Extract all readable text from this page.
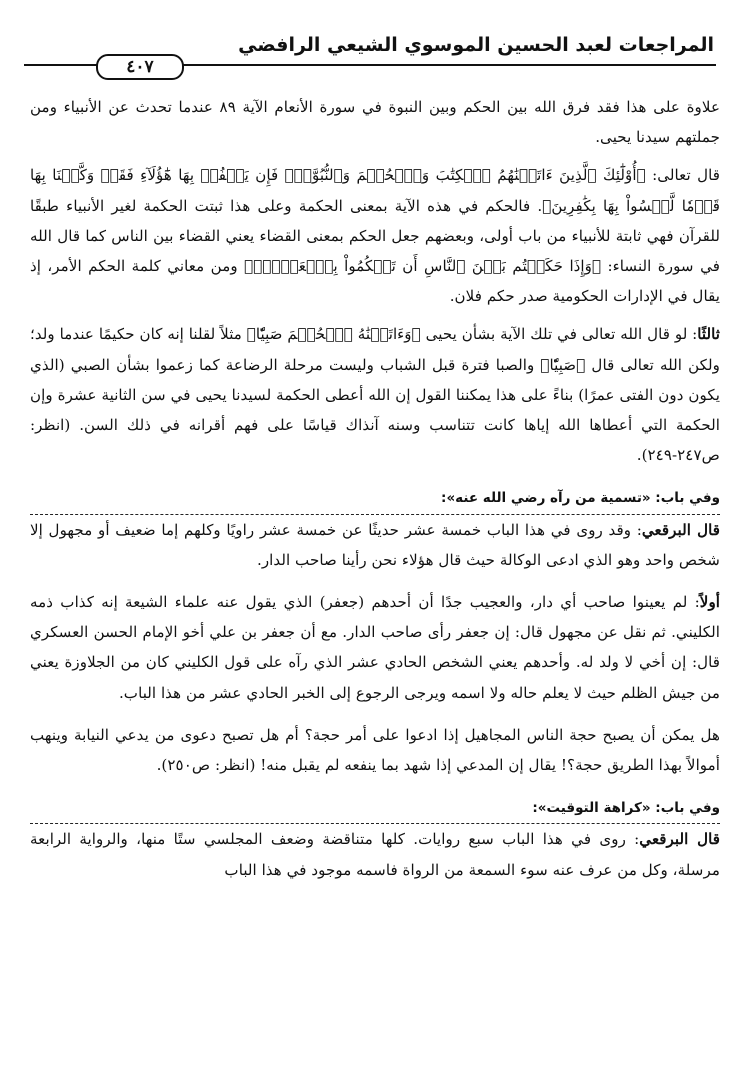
المراجعات لعبد الحسين الموسوي الشيعي الرافضي
٤٠٧

علاوة على هذا فقد فرق الله بين الحكم وبين النبوة في سورة الأنعام الآية ٨٩ عندما تحدث عن الأنبياء ومن جملتهم سيدنا يحيى.

قال تعالى: ﴿أُوْلَٰٓئِكَ ٱلَّذِينَ ءَاتَيۡنَٰهُمُ ٱلۡكِتَٰبَ وَٱلۡحُكۡمَ وَٱلنُّبُوَّةَۚ فَإِن يَكۡفُرۡ بِهَا هَٰٓؤُلَآءِ فَقَدۡ وَكَّلۡنَا بِهَا قَوۡمٗا لَّيۡسُواْ بِهَا بِكَٰفِرِينَ﴾. فالحكم في هذه الآية بمعنى الحكمة وعلى هذا ثبتت الحكمة لغير الأنبياء طبقًا للقرآن فهي ثابتة للأنبياء من باب أولى، وبعضهم جعل الحكم بمعنى القضاء يعني القضاء بين الناس كما قال الله في سورة النساء: ﴿وَإِذَا حَكَمۡتُم بَيۡنَ ٱلنَّاسِ أَن تَحۡكُمُواْ بِٱلۡعَدۡلِۚ﴾ ومن معاني كلمة الحكم الأمر، إذ يقال في الإدارات الحكومية صدر حكم فلان.

ثالثًا: لو قال الله تعالى في تلك الآية بشأن يحيى ﴿وَءَاتَيۡنَٰهُ ٱلۡحُكۡمَ صَبِيّٗا﴾ مثلاً لقلنا إنه كان حكيمًا عندما ولد؛ ولكن الله تعالى قال ﴿صَبِيّٗا﴾ والصبا فترة قبل الشباب وليست مرحلة الرضاعة كما زعموا بشأن الصبي (الذي يكون دون الفتى عمرًا) بناءً على هذا يمكننا القول إن الله أعطى الحكمة لسيدنا يحيى في سن الثانية عشرة وإن الحكمة التي أعطاها الله إياها كانت تتناسب وسنه آنذاك قياسًا على فهم أقرانه في ذلك السن. (انظر: ص٢٤٧-٢٤٩).

وفي باب: «تسمية من رآه رضي الله عنه»:

قال البرقعي: وقد روى في هذا الباب خمسة عشر حديثًا عن خمسة عشر راويًا وكلهم إما ضعيف أو مجهول إلا شخص واحد وهو الذي ادعى الوكالة حيث قال هؤلاء نحن رأينا صاحب الدار.

أولاً: لم يعينوا صاحب أي دار، والعجيب جدًا أن أحدهم (جعفر) الذي يقول عنه علماء الشيعة إنه كذاب ذمه الكليني. ثم نقل عن مجهول قال: إن جعفر رأى صاحب الدار. مع أن جعفر بن علي أخو الإمام الحسن العسكري قال: إن أخي لا ولد له. وأحدهم يعني الشخص الحادي عشر الذي رآه على قول الكليني كان من الجلاوزة يعني من جيش الظلم حيث لا يعلم حاله ولا اسمه ويرجى الرجوع إلى الخبر الحادي عشر من هذا الباب.

هل يمكن أن يصبح حجة الناس المجاهيل إذا ادعوا على أمر حجة؟ أم هل تصبح دعوى من يدعي النيابة وينهب أموالاً بهذا الطريق حجة؟! يقال إن المدعي إذا شهد بما ينفعه لم يقبل منه! (انظر: ص٢٥٠).

وفي باب: «كراهة التوقيت»:

قال البرقعي: روى في هذا الباب سبع روايات. كلها متناقضة وضعف المجلسي ستًا منها، والرواية الرابعة مرسلة، وكل من عرف عنه سوء السمعة من الرواة فاسمه موجود في هذا الباب
